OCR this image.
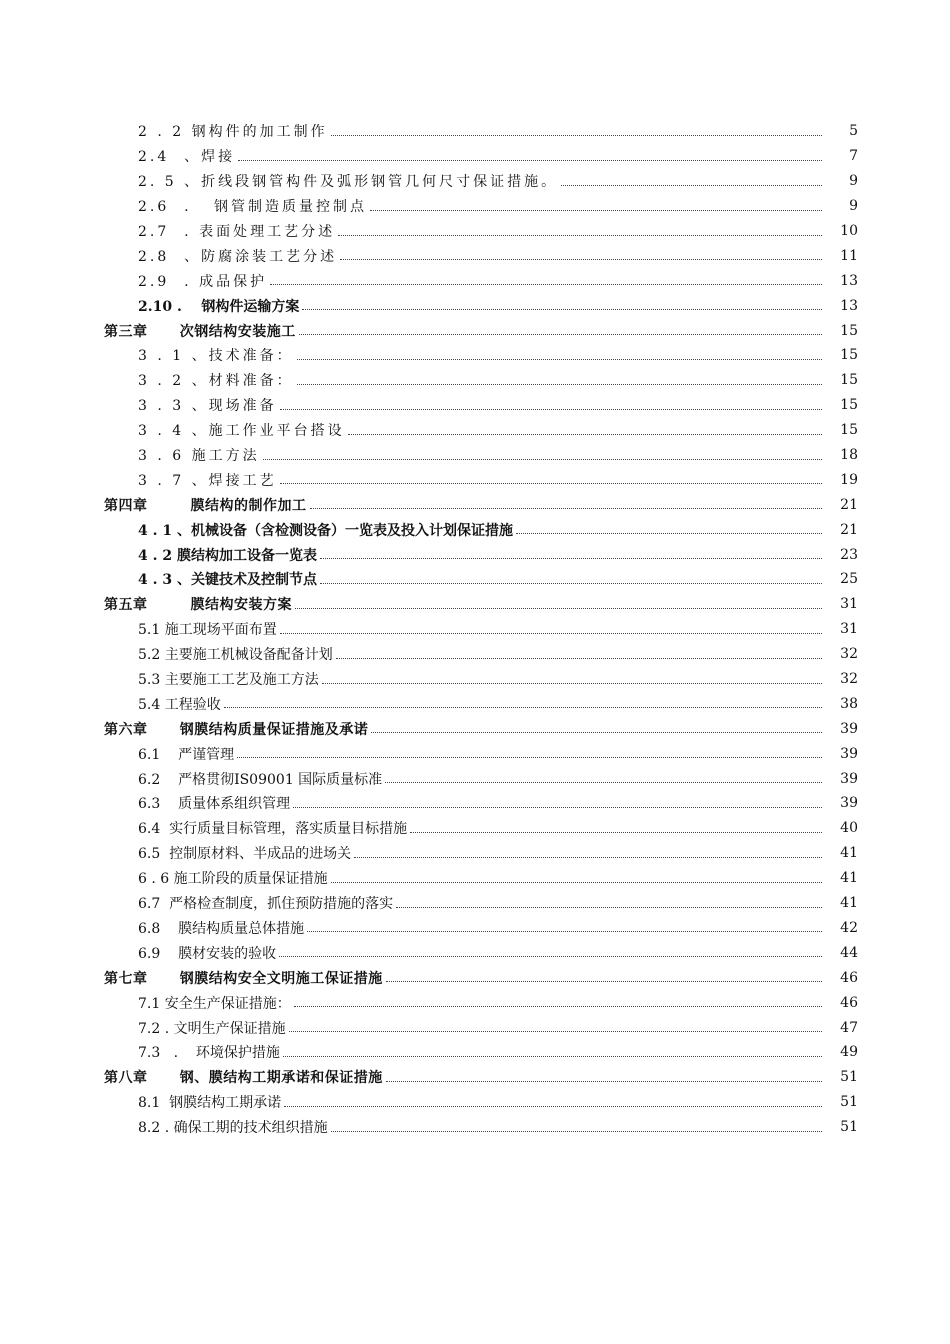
2 . 2 钢构件的加工制作	5
2.4  、焊接	7
2. 5 、折线段钢管构件及弧形钢管几何尺寸保证措施。	9
2.6  .   钢管制造质量控制点	9
2.7  . 表面处理工艺分述	10
2.8  、防腐涂装工艺分述	11
2.9  . 成品保护	13
2.10 .    钢构件运输方案	13
第三章      次钢结构安装施工	15
3 . 1 、技术准备：	15
3 . 2 、材料准备：	15
3 . 3 、现场准备	15
3 . 4 、施工作业平台搭设	15
3 . 6 施工方法	18
3 . 7 、焊接工艺	19
第四章        膜结构的制作加工	21
4 . 1 、机械设备（含检测设备）一览表及投入计划保证措施	21
4 . 2 膜结构加工设备一览表	23
4 . 3 、关键技术及控制节点	25
第五章        膜结构安装方案	31
5.1 施工现场平面布置	31
5.2 主要施工机械设备配备计划	32
5.3 主要施工工艺及施工方法	32
5.4 工程验收	38
第六章      钢膜结构质量保证措施及承诺	39
6.1    严谨管理	39
6.2    严格贯彻IS09001 国际质量标准	39
6.3    质量体系组织管理	39
6.4  实行质量目标管理，落实质量目标措施	40
6.5  控制原材料、半成品的进场关	41
6 . 6 施工阶段的质量保证措施	41
6.7  严格检查制度，抓住预防措施的落实	41
6.8    膜结构质量总体措施	42
6.9    膜材安装的验收	44
第七章      钢膜结构安全文明施工保证措施	46
7.1 安全生产保证措施：	46
7.2 . 文明生产保证措施	47
7.3   .    环境保护措施	49
第八章      钢、膜结构工期承诺和保证措施	51
8.1  钢膜结构工期承诺	51
8.2 . 确保工期的技术组织措施	51
